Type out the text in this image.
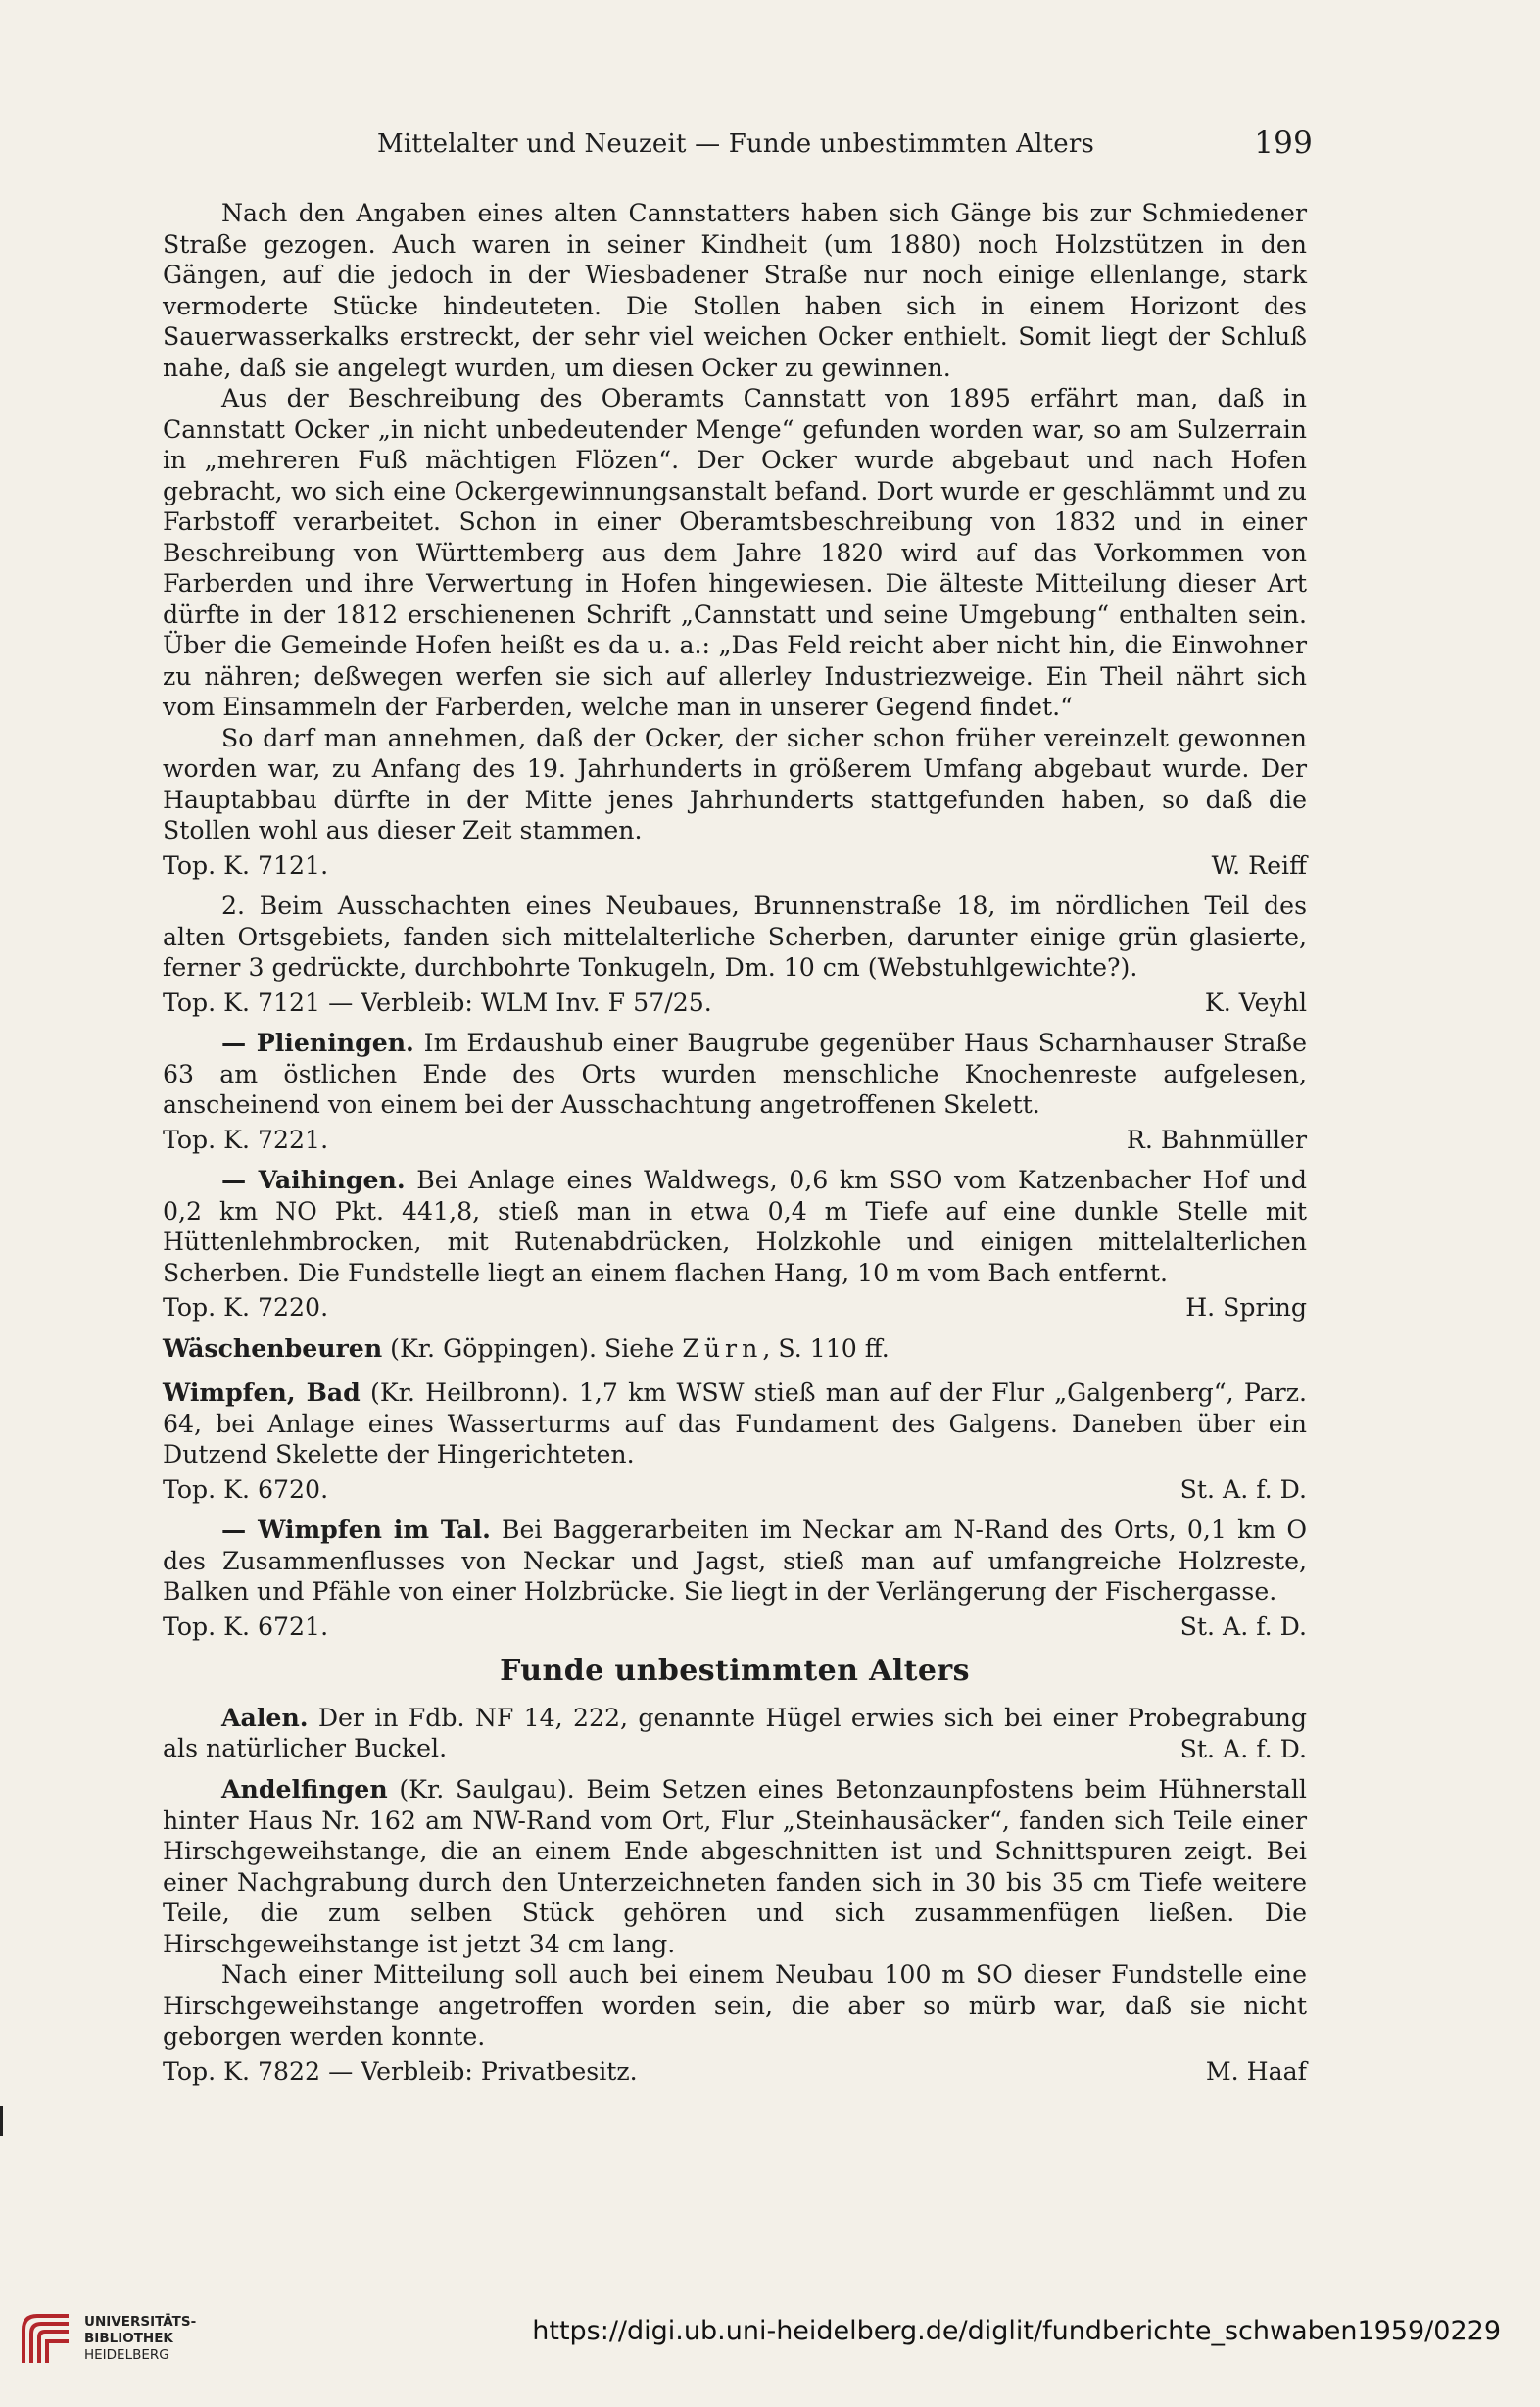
Mittelalter und Neuzeit — Funde unbestimmten Alters	199

Nach den Angaben eines alten Cannstatters haben sich Gänge bis zur Schmiedener Straße gezogen. Auch waren in seiner Kindheit (um 1880) noch Holzstützen in den Gängen, auf die jedoch in der Wiesbadener Straße nur noch einige ellenlange, stark vermoderte Stücke hindeuteten. Die Stollen haben sich in einem Horizont des Sauerwasserkalks erstreckt, der sehr viel weichen Ocker enthielt. Somit liegt der Schluß nahe, daß sie angelegt wurden, um diesen Ocker zu gewinnen.

Aus der Beschreibung des Oberamts Cannstatt von 1895 erfährt man, daß in Cannstatt Ocker „in nicht unbedeutender Menge“ gefunden worden war, so am Sulzerrain in „mehreren Fuß mächtigen Flözen“. Der Ocker wurde abgebaut und nach Hofen gebracht, wo sich eine Ockergewinnungsanstalt befand. Dort wurde er geschlämmt und zu Farbstoff verarbeitet. Schon in einer Oberamtsbeschreibung von 1832 und in einer Beschreibung von Württemberg aus dem Jahre 1820 wird auf das Vorkommen von Farberden und ihre Verwertung in Hofen hingewiesen. Die älteste Mitteilung dieser Art dürfte in der 1812 erschienenen Schrift „Cannstatt und seine Umgebung“ enthalten sein. Über die Gemeinde Hofen heißt es da u. a.: „Das Feld reicht aber nicht hin, die Einwohner zu nähren; deßwegen werfen sie sich auf allerley Industriezweige. Ein Theil nährt sich vom Einsammeln der Farberden, welche man in unserer Gegend findet.“

So darf man annehmen, daß der Ocker, der sicher schon früher vereinzelt gewonnen worden war, zu Anfang des 19. Jahrhunderts in größerem Umfang abgebaut wurde. Der Hauptabbau dürfte in der Mitte jenes Jahrhunderts stattgefunden haben, so daß die Stollen wohl aus dieser Zeit stammen.

Top. K. 7121.	W. Reiff

2. Beim Ausschachten eines Neubaues, Brunnenstraße 18, im nördlichen Teil des alten Ortsgebiets, fanden sich mittelalterliche Scherben, darunter einige grün glasierte, ferner 3 gedrückte, durchbohrte Tonkugeln, Dm. 10 cm (Webstuhlgewichte?).

Top. K. 7121 — Verbleib: WLM Inv. F 57/25.	K. Veyhl

— Plieningen. Im Erdaushub einer Baugrube gegenüber Haus Scharnhauser Straße 63 am östlichen Ende des Orts wurden menschliche Knochenreste aufgelesen, anscheinend von einem bei der Ausschachtung angetroffenen Skelett.

Top. K. 7221.	R. Bahnmüller

— Vaihingen. Bei Anlage eines Waldwegs, 0,6 km SSO vom Katzenbacher Hof und 0,2 km NO Pkt. 441,8, stieß man in etwa 0,4 m Tiefe auf eine dunkle Stelle mit Hüttenlehmbrocken, mit Rutenabdrücken, Holzkohle und einigen mittelalterlichen Scherben. Die Fundstelle liegt an einem flachen Hang, 10 m vom Bach entfernt.

Top. K. 7220.	H. Spring

Wäschenbeuren (Kr. Göppingen). Siehe Zürn, S. 110 ff.

Wimpfen, Bad (Kr. Heilbronn). 1,7 km WSW stieß man auf der Flur „Galgenberg“, Parz. 64, bei Anlage eines Wasserturms auf das Fundament des Galgens. Daneben über ein Dutzend Skelette der Hingerichteten.

Top. K. 6720.	St. A. f. D.

— Wimpfen im Tal. Bei Baggerarbeiten im Neckar am N-Rand des Orts, 0,1 km O des Zusammenflusses von Neckar und Jagst, stieß man auf umfangreiche Holzreste, Balken und Pfähle von einer Holzbrücke. Sie liegt in der Verlängerung der Fischergasse.

Top. K. 6721.	St. A. f. D.
Funde unbestimmten Alters

Aalen. Der in Fdb. NF 14, 222, genannte Hügel erwies sich bei einer Probegrabung als natürlicher Buckel.	St. A. f. D.

Andelfingen (Kr. Saulgau). Beim Setzen eines Betonzaunpfostens beim Hühnerstall hinter Haus Nr. 162 am NW-Rand vom Ort, Flur „Steinhausäcker“, fanden sich Teile einer Hirschgeweihstange, die an einem Ende abgeschnitten ist und Schnittspuren zeigt. Bei einer Nachgrabung durch den Unterzeichneten fanden sich in 30 bis 35 cm Tiefe weitere Teile, die zum selben Stück gehören und sich zusammenfügen ließen. Die Hirschgeweihstange ist jetzt 34 cm lang.

Nach einer Mitteilung soll auch bei einem Neubau 100 m SO dieser Fundstelle eine Hirschgeweihstange angetroffen worden sein, die aber so mürb war, daß sie nicht geborgen werden konnte.

Top. K. 7822 — Verbleib: Privatbesitz.	M. Haaf
UNIVERSITÄTS-
BIBLIOTHEK
HEIDELBERG
https://digi.ub.uni-heidelberg.de/diglit/fundberichte_schwaben1959/0229
